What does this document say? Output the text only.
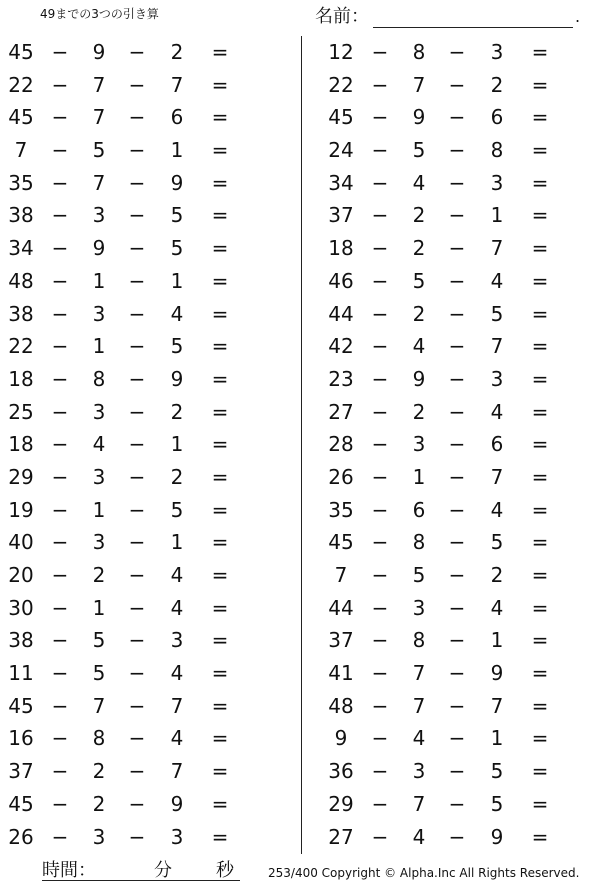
49までの3つの引き算	名前：	.
45 −	9	−	2	=
22 −	7	−	7	=
45 −	7	−	6	=
7	−	5	−	1	=
35 −	7	−	9	=
38 −	3	−	5	=
34 −	9	−	5	=
48 −	1	−	1	=
38 −	3	−	4	=
22 −	1	−	5	=
18 −	8	−	9	=
25 −	3	−	2	=
18 −	4	−	1	=
29 −	3	−	2	=
19 −	1	−	5	=
40 −	3	−	1	=
20 −	2	−	4	=
30 −	1	−	4	=
38 −	5	−	3	=
11 −	5	−	4	=
45 −	7	−	7	=
16 −	8	−	4	=
37 −	2	−	7	=
45 −	2	−	9	=
26 −	3	−	3	=
12 −	8	−	3	=
22 −	7	−	2	=
45 −	9	−	6	=
24 −	5	−	8	=
34 −	4	−	3	=
37 −	2	−	1	=
18 −	2	−	7	=
46 −	5	−	4	=
44 −	2	−	5	=
42 −	4	−	7	=
23 −	9	−	3	=
27 −	2	−	4	=
28 −	3	−	6	=
26 −	1	−	7	=
35 −	6	−	4	=
45 −	8	−	5	=
7	−	5	−	2	=
44 −	3	−	4	=
37 −	8	−	1	=
41 −	7	−	9	=
48 −	7	−	7	=
9	−	4	−	1	=
36 −	3	−	5	=
29 −	7	−	5	=
27 −	4	−	9	=
時間：	分 秒	253/400 Copyright © Alpha.Inc All Rights Reserved.
